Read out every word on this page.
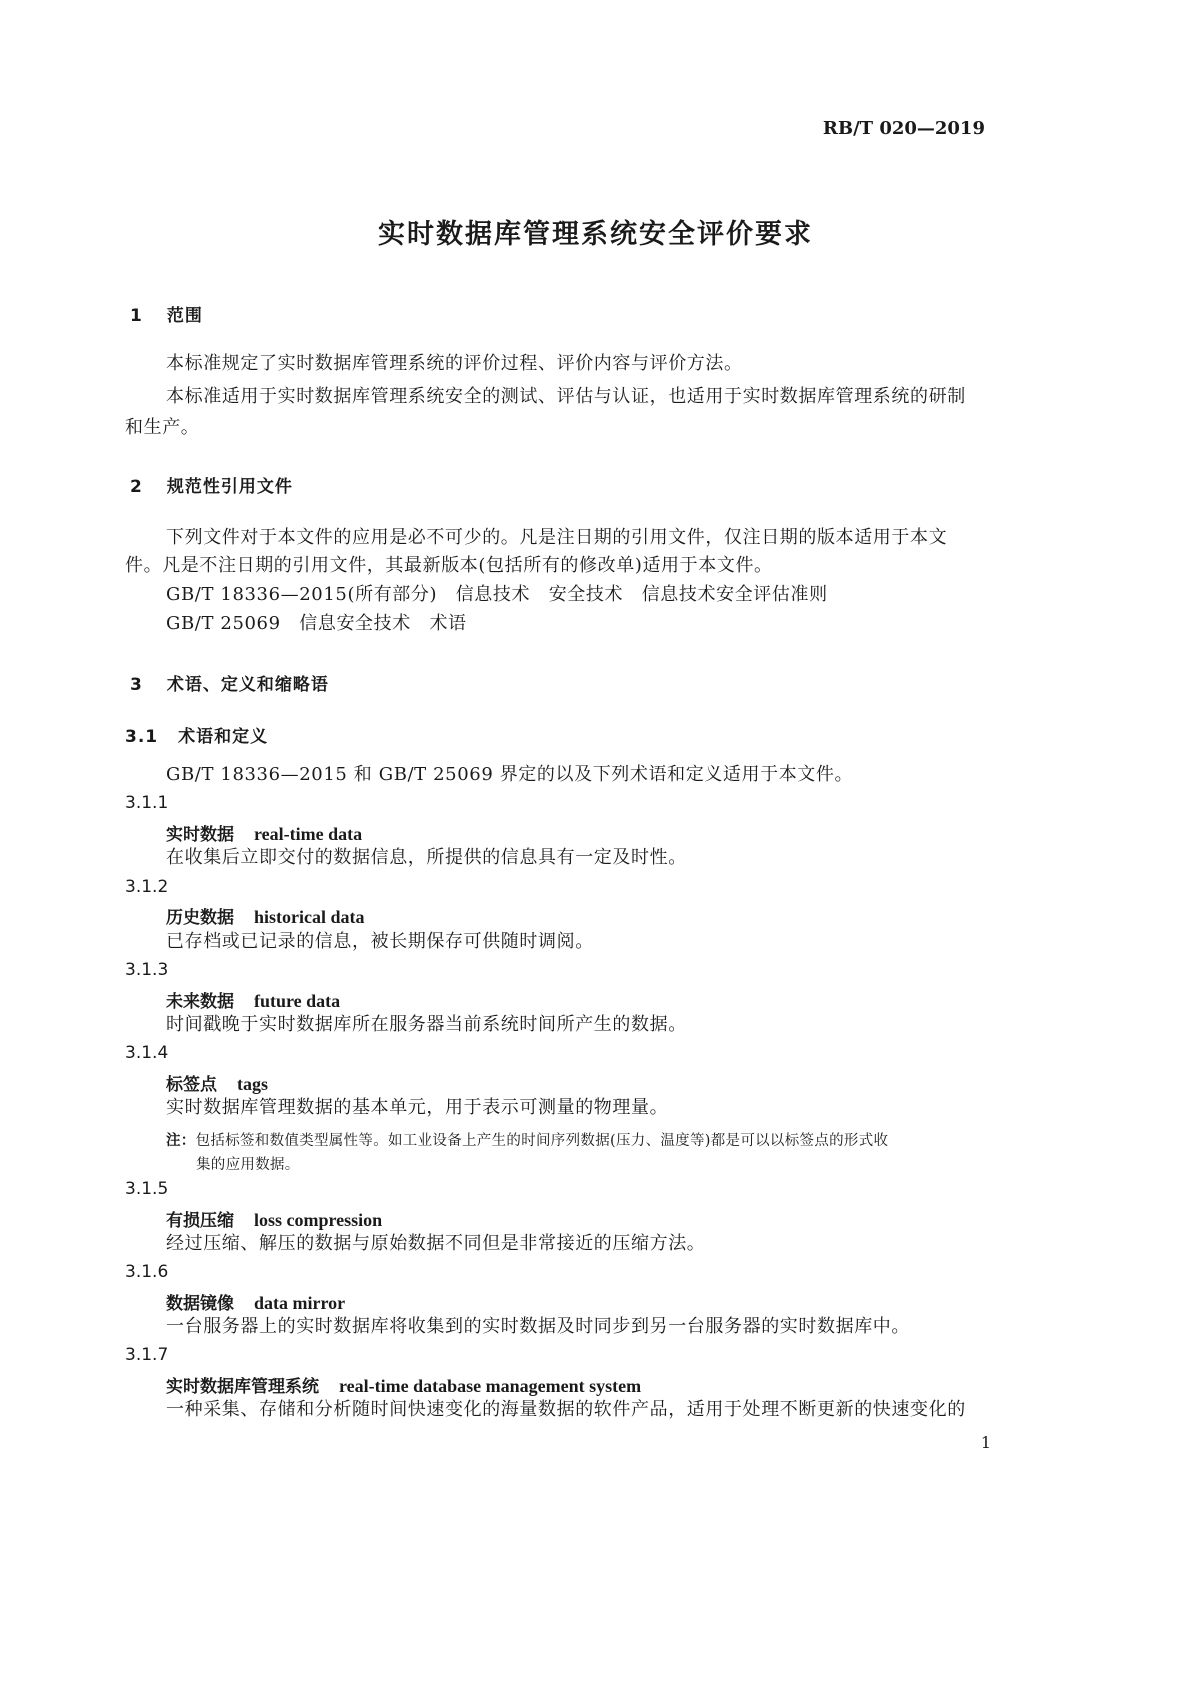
RB/T 020—2019
实时数据库管理系统安全评价要求
1 范围
本标准规定了实时数据库管理系统的评价过程、评价内容与评价方法。
本标准适用于实时数据库管理系统安全的测试、评估与认证，也适用于实时数据库管理系统的研制
和生产。
2 规范性引用文件
下列文件对于本文件的应用是必不可少的。凡是注日期的引用文件，仅注日期的版本适用于本文
件。凡是不注日期的引用文件，其最新版本(包括所有的修改单)适用于本文件。
GB/T 18336—2015(所有部分)　信息技术　安全技术　信息技术安全评估准则
GB/T 25069　信息安全技术　术语
3 术语、定义和缩略语
3.1 术语和定义
GB/T 18336—2015 和 GB/T 25069 界定的以及下列术语和定义适用于本文件。
3.1.1
实时数据 real-time data
在收集后立即交付的数据信息，所提供的信息具有一定及时性。
3.1.2
历史数据 historical data
已存档或已记录的信息，被长期保存可供随时调阅。
3.1.3
未来数据 future data
时间戳晚于实时数据库所在服务器当前系统时间所产生的数据。
3.1.4
标签点 tags
实时数据库管理数据的基本单元，用于表示可测量的物理量。
注：包括标签和数值类型属性等。如工业设备上产生的时间序列数据(压力、温度等)都是可以以标签点的形式收
集的应用数据。
3.1.5
有损压缩 loss compression
经过压缩、解压的数据与原始数据不同但是非常接近的压缩方法。
3.1.6
数据镜像 data mirror
一台服务器上的实时数据库将收集到的实时数据及时同步到另一台服务器的实时数据库中。
3.1.7
实时数据库管理系统 real-time database management system
一种采集、存储和分析随时间快速变化的海量数据的软件产品，适用于处理不断更新的快速变化的
1
